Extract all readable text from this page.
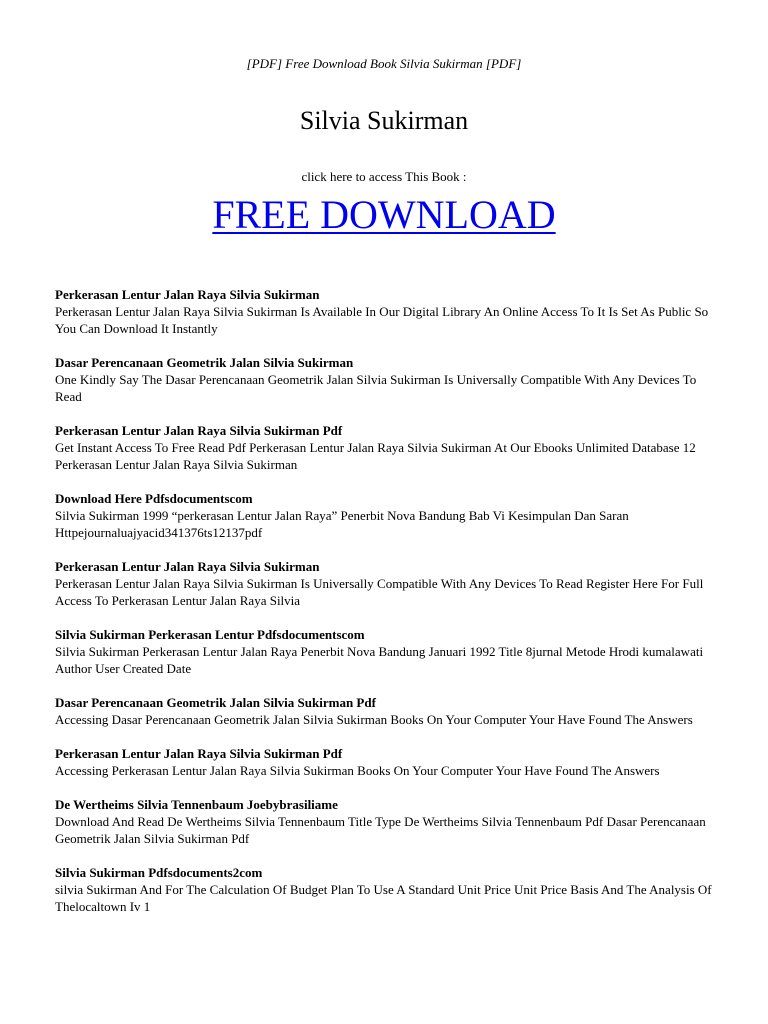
[PDF] Free Download Book Silvia Sukirman [PDF]
Silvia Sukirman
click here to access This Book :
FREE DOWNLOAD
Perkerasan Lentur Jalan Raya Silvia Sukirman
Perkerasan Lentur Jalan Raya Silvia Sukirman Is Available In Our Digital Library An Online Access To It Is Set As Public So You Can Download It Instantly
Dasar Perencanaan Geometrik Jalan Silvia Sukirman
One Kindly Say The Dasar Perencanaan Geometrik Jalan Silvia Sukirman Is Universally Compatible With Any Devices To Read
Perkerasan Lentur Jalan Raya Silvia Sukirman Pdf
Get Instant Access To Free Read Pdf Perkerasan Lentur Jalan Raya Silvia Sukirman At Our Ebooks Unlimited Database 12 Perkerasan Lentur Jalan Raya Silvia Sukirman
Download Here Pdfsdocumentscom
Silvia Sukirman 1999 “perkerasan Lentur Jalan Raya” Penerbit Nova Bandung Bab Vi Kesimpulan Dan Saran Httpejournaluajyacid341376ts12137pdf
Perkerasan Lentur Jalan Raya Silvia Sukirman
Perkerasan Lentur Jalan Raya Silvia Sukirman Is Universally Compatible With Any Devices To Read Register Here For Full Access To Perkerasan Lentur Jalan Raya Silvia
Silvia Sukirman Perkerasan Lentur Pdfsdocumentscom
Silvia Sukirman Perkerasan Lentur Jalan Raya Penerbit Nova Bandung Januari 1992 Title 8jurnal Metode Hrodi kumalawati Author User Created Date
Dasar Perencanaan Geometrik Jalan Silvia Sukirman Pdf
Accessing Dasar Perencanaan Geometrik Jalan Silvia Sukirman Books On Your Computer Your Have Found The Answers
Perkerasan Lentur Jalan Raya Silvia Sukirman Pdf
Accessing Perkerasan Lentur Jalan Raya Silvia Sukirman Books On Your Computer Your Have Found The Answers
De Wertheims Silvia Tennenbaum Joebybrasiliame
Download And Read De Wertheims Silvia Tennenbaum Title Type De Wertheims Silvia Tennenbaum Pdf Dasar Perencanaan Geometrik Jalan Silvia Sukirman Pdf
Silvia Sukirman Pdfsdocuments2com
silvia Sukirman And For The Calculation Of Budget Plan To Use A Standard Unit Price Unit Price Basis And The Analysis Of Thelocaltown Iv 1
